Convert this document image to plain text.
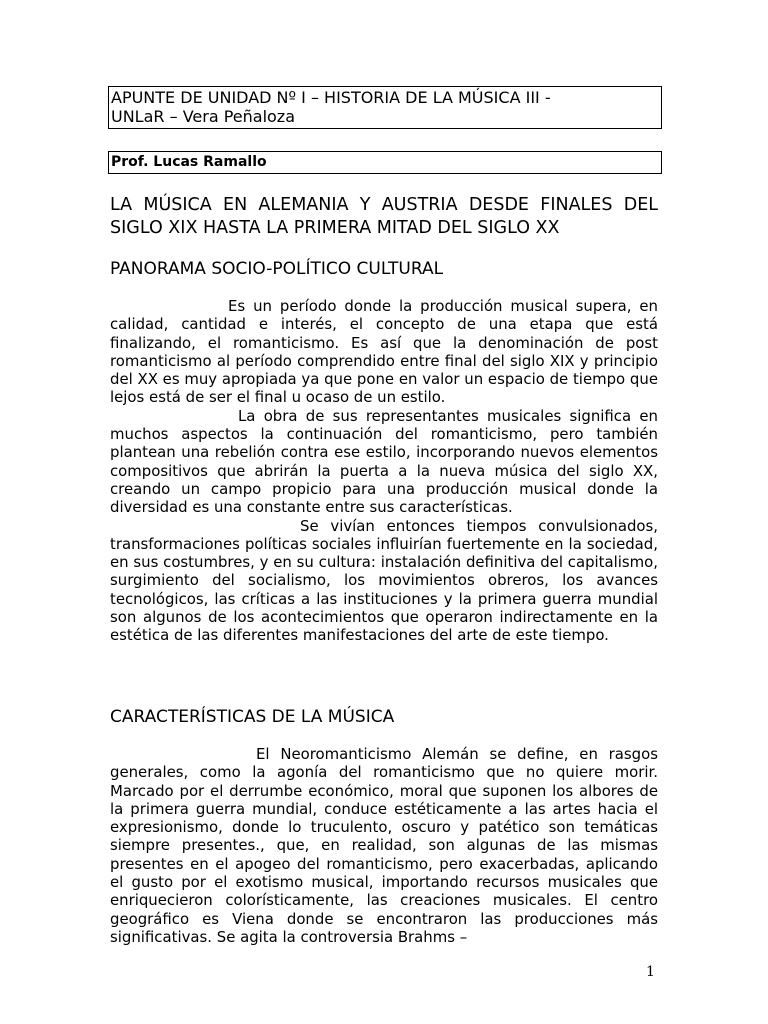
APUNTE DE UNIDAD Nº I – HISTORIA DE LA MÚSICA III -
UNLaR – Vera Peñaloza
Prof. Lucas Ramallo
LA MÚSICA EN ALEMANIA Y AUSTRIA DESDE FINALES DEL SIGLO XIX HASTA LA PRIMERA MITAD DEL SIGLO XX
PANORAMA SOCIO-POLÍTICO CULTURAL

Es un período donde la producción musical supera, en calidad, cantidad e interés, el concepto de una etapa que está finalizando, el romanticismo. Es así que la denominación de post romanticismo al período comprendido entre final del siglo XIX y principio del XX es muy apropiada ya que pone en valor un espacio de tiempo que lejos está de ser el final u ocaso de un estilo.

La obra de sus representantes musicales significa en muchos aspectos la continuación del romanticismo, pero también plantean una rebelión contra ese estilo, incorporando nuevos elementos compositivos que abrirán la puerta a la nueva música del siglo XX, creando un campo propicio para una producción musical donde la diversidad es una constante entre sus características.

Se vivían entonces tiempos convulsionados, transformaciones políticas sociales influirían fuertemente en la sociedad, en sus costumbres, y en su cultura: instalación definitiva del capitalismo, surgimiento del socialismo, los movimientos obreros, los avances tecnológicos, las críticas a las instituciones y la primera guerra mundial son algunos de los acontecimientos que operaron indirectamente en la estética de las diferentes manifestaciones del arte de este tiempo.

CARACTERÍSTICAS DE LA MÚSICA

El Neoromanticismo Alemán se define, en rasgos generales, como la agonía del romanticismo que no quiere morir. Marcado por el derrumbe económico, moral que suponen los albores de la primera guerra mundial, conduce estéticamente a las artes hacia el expresionismo, donde lo truculento, oscuro y patético son temáticas siempre presentes., que, en realidad, son algunas de las mismas presentes en el apogeo del romanticismo, pero exacerbadas, aplicando el gusto por el exotismo musical, importando recursos musicales que enriquecieron colorísticamente, las creaciones musicales. El centro geográfico es Viena donde se encontraron las producciones más significativas. Se agita la controversia Brahms –

1
